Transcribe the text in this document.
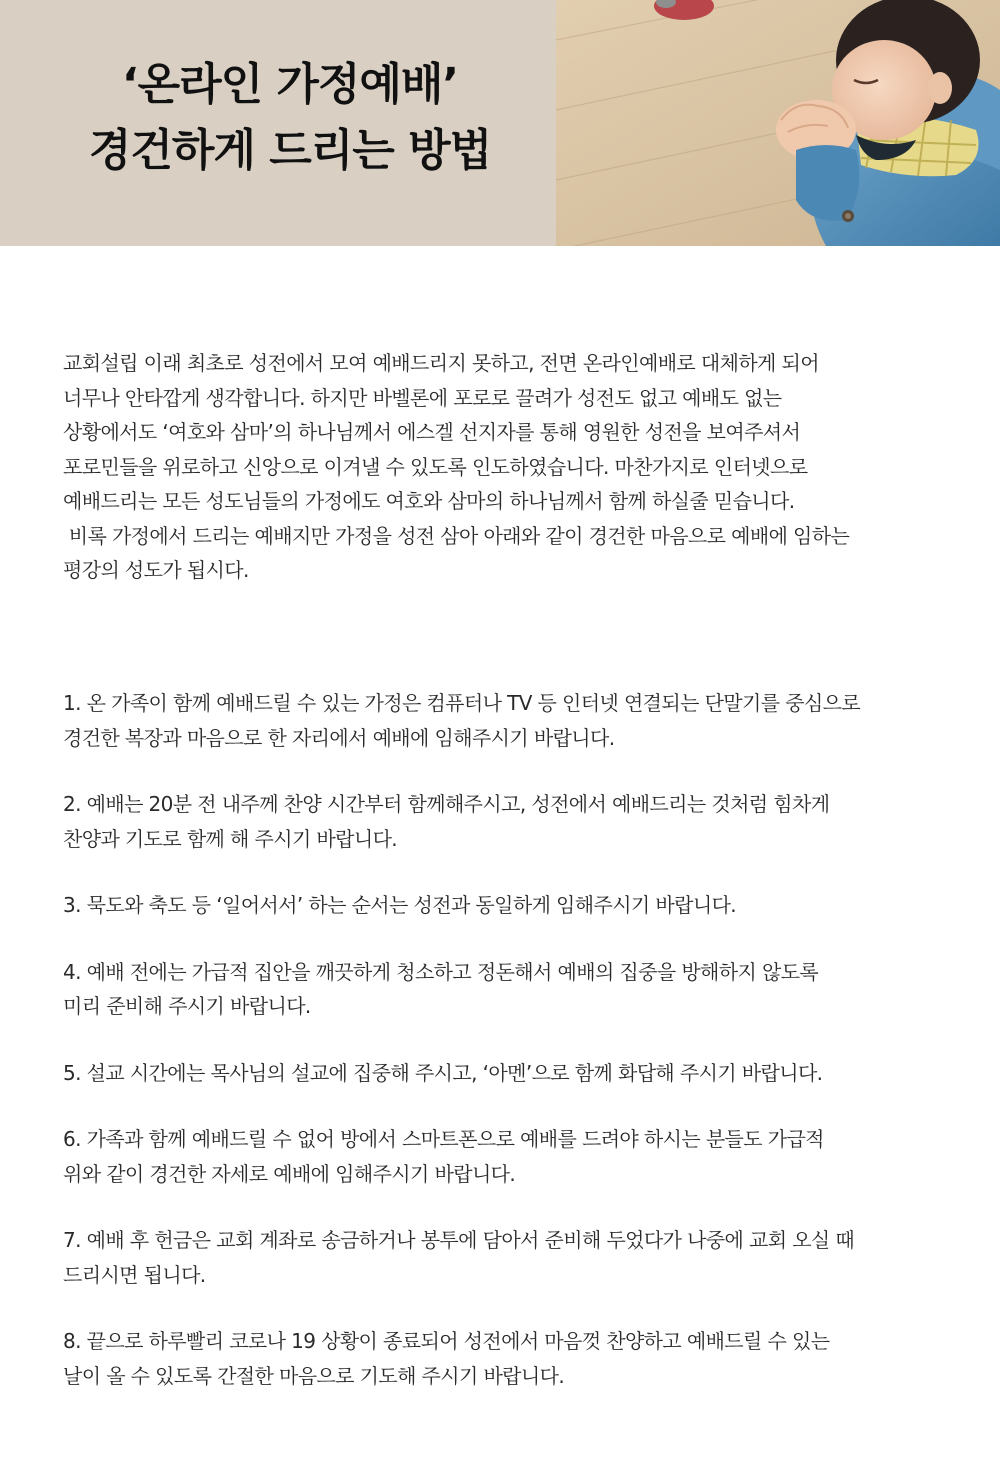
‘온라인 가정예배’
경건하게 드리는 방법
교회설립 이래 최초로 성전에서 모여 예배드리지 못하고, 전면 온라인예배로 대체하게 되어
너무나 안타깝게 생각합니다. 하지만 바벨론에 포로로 끌려가 성전도 없고 예배도 없는
상황에서도 ‘여호와 삼마’의 하나님께서 에스겔 선지자를 통해 영원한 성전을 보여주셔서
포로민들을 위로하고 신앙으로 이겨낼 수 있도록 인도하였습니다. 마찬가지로 인터넷으로
예배드리는 모든 성도님들의 가정에도 여호와 삼마의 하나님께서 함께 하실줄 믿습니다.
비록 가정에서 드리는 예배지만 가정을 성전 삼아 아래와 같이 경건한 마음으로 예배에 임하는
평강의 성도가 됩시다.
1. 온 가족이 함께 예배드릴 수 있는 가정은 컴퓨터나 TV 등 인터넷 연결되는 단말기를 중심으로
경건한 복장과 마음으로 한 자리에서 예배에 임해주시기 바랍니다.
2. 예배는 20분 전 내주께 찬양 시간부터 함께해주시고, 성전에서 예배드리는 것처럼 힘차게
찬양과 기도로 함께 해 주시기 바랍니다.
3. 묵도와 축도 등 ‘일어서서’ 하는 순서는 성전과 동일하게 임해주시기 바랍니다.
4. 예배 전에는 가급적 집안을 깨끗하게 청소하고 정돈해서 예배의 집중을 방해하지 않도록
미리 준비해 주시기 바랍니다.
5. 설교 시간에는 목사님의 설교에 집중해 주시고, ‘아멘’으로 함께 화답해 주시기 바랍니다.
6. 가족과 함께 예배드릴 수 없어 방에서 스마트폰으로 예배를 드려야 하시는 분들도 가급적
위와 같이 경건한 자세로 예배에 임해주시기 바랍니다.
7. 예배 후 헌금은 교회 계좌로 송금하거나 봉투에 담아서 준비해 두었다가 나중에 교회 오실 때
드리시면 됩니다.
8. 끝으로 하루빨리 코로나 19 상황이 종료되어 성전에서 마음껏 찬양하고 예배드릴 수 있는
날이 올 수 있도록 간절한 마음으로 기도해 주시기 바랍니다.
